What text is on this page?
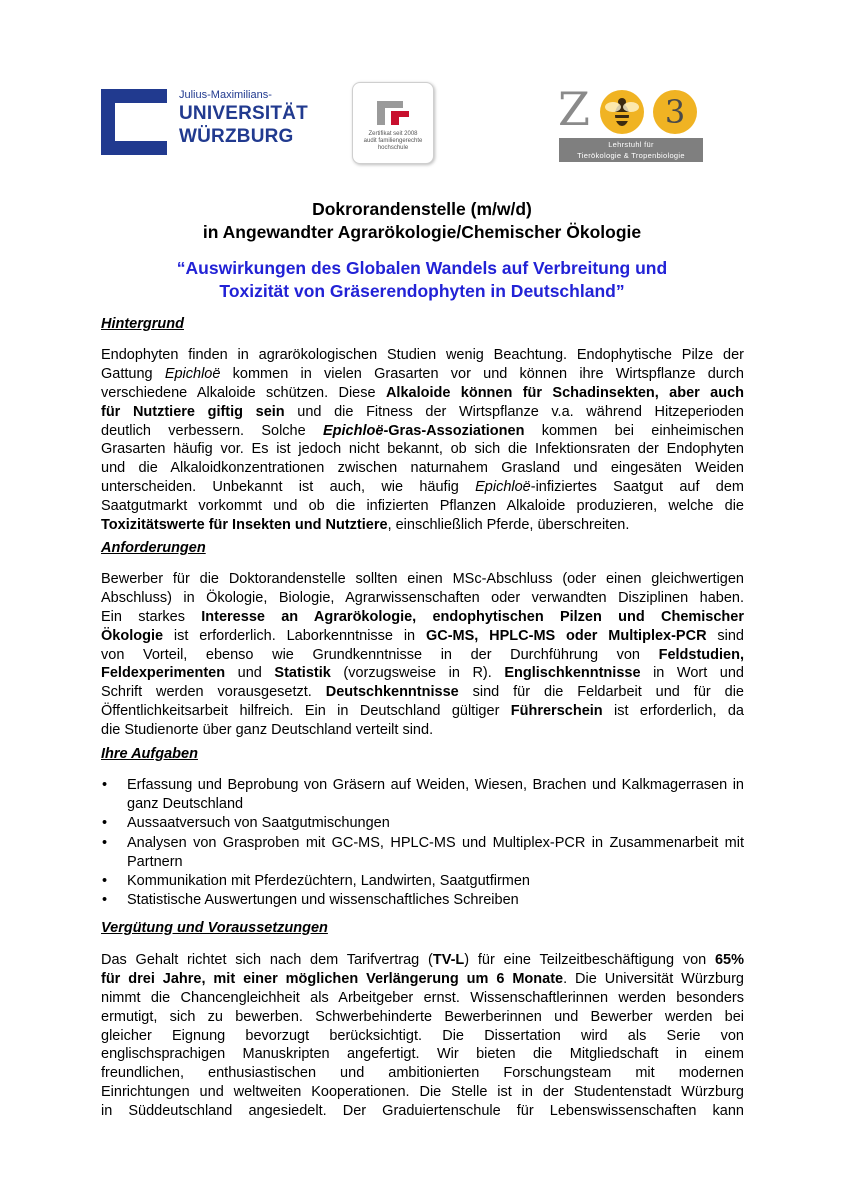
Julius-Maximilians-
UNIVERSITÄT
WÜRZBURG	Zertifikat seit 2008
audit familiengerechte
hochschule
Z	3
Lehrstuhl für
Tierökologie & Tropenbiologie
Dokrorandenstelle (m/w/d)
in Angewandter Agrarökologie/Chemischer Ökologie
“Auswirkungen des Globalen Wandels auf Verbreitung und
Toxizität von Gräserendophyten in Deutschland”
Hintergrund
Endophyten finden in agrarökologischen Studien wenig Beachtung. Endophytische Pilze der
Gattung Epichloë kommen in vielen Grasarten vor und können ihre Wirtspflanze durch
verschiedene Alkaloide schützen. Diese Alkaloide können für Schadinsekten, aber auch
für Nutztiere giftig sein und die Fitness der Wirtspflanze v.a. während Hitzeperioden
deutlich verbessern. Solche Epichloë-Gras-Assoziationen kommen bei einheimischen
Grasarten häufig vor. Es ist jedoch nicht bekannt, ob sich die Infektionsraten der Endophyten
und die Alkaloidkonzentrationen zwischen naturnahem Grasland und eingesäten Weiden
unterscheiden. Unbekannt ist auch, wie häufig Epichloë-infiziertes Saatgut auf dem
Saatgutmarkt vorkommt und ob die infizierten Pflanzen Alkaloide produzieren, welche die
Toxizitätswerte für Insekten und Nutztiere, einschließlich Pferde, überschreiten.
Anforderungen
Bewerber für die Doktorandenstelle sollten einen MSc-Abschluss (oder einen gleichwertigen
Abschluss) in Ökologie, Biologie, Agrarwissenschaften oder verwandten Disziplinen haben.
Ein starkes Interesse an Agrarökologie, endophytischen Pilzen und Chemischer
Ökologie ist erforderlich. Laborkenntnisse in GC-MS, HPLC-MS oder Multiplex-PCR sind
von Vorteil, ebenso wie Grundkenntnisse in der Durchführung von Feldstudien,
Feldexperimenten und Statistik (vorzugsweise in R). Englischkenntnisse in Wort und
Schrift werden vorausgesetzt. Deutschkenntnisse sind für die Feldarbeit und für die
Öffentlichkeitsarbeit hilfreich. Ein in Deutschland gültiger Führerschein ist erforderlich, da
die Studienorte über ganz Deutschland verteilt sind.
Ihre Aufgaben
• Erfassung und Beprobung von Gräsern auf Weiden, Wiesen, Brachen und Kalkmagerrasen in ganz Deutschland
• Aussaatversuch von Saatgutmischungen
• Analysen von Grasproben mit GC-MS, HPLC-MS und Multiplex-PCR in Zusammenarbeit mit Partnern
• Kommunikation mit Pferdezüchtern, Landwirten, Saatgutfirmen
• Statistische Auswertungen und wissenschaftliches Schreiben
Vergütung und Voraussetzungen
Das Gehalt richtet sich nach dem Tarifvertrag (TV-L) für eine Teilzeitbeschäftigung von 65%
für drei Jahre, mit einer möglichen Verlängerung um 6 Monate. Die Universität Würzburg
nimmt die Chancengleichheit als Arbeitgeber ernst. Wissenschaftlerinnen werden besonders
ermutigt, sich zu bewerben. Schwerbehinderte Bewerberinnen und Bewerber werden bei
gleicher Eignung bevorzugt berücksichtigt. Die Dissertation wird als Serie von
englischsprachigen Manuskripten angefertigt. Wir bieten die Mitgliedschaft in einem
freundlichen, enthusiastischen und ambitionierten Forschungsteam mit modernen
Einrichtungen und weltweiten Kooperationen. Die Stelle ist in der Studentenstadt Würzburg
in Süddeutschland angesiedelt. Der Graduiertenschule für Lebenswissenschaften kann
